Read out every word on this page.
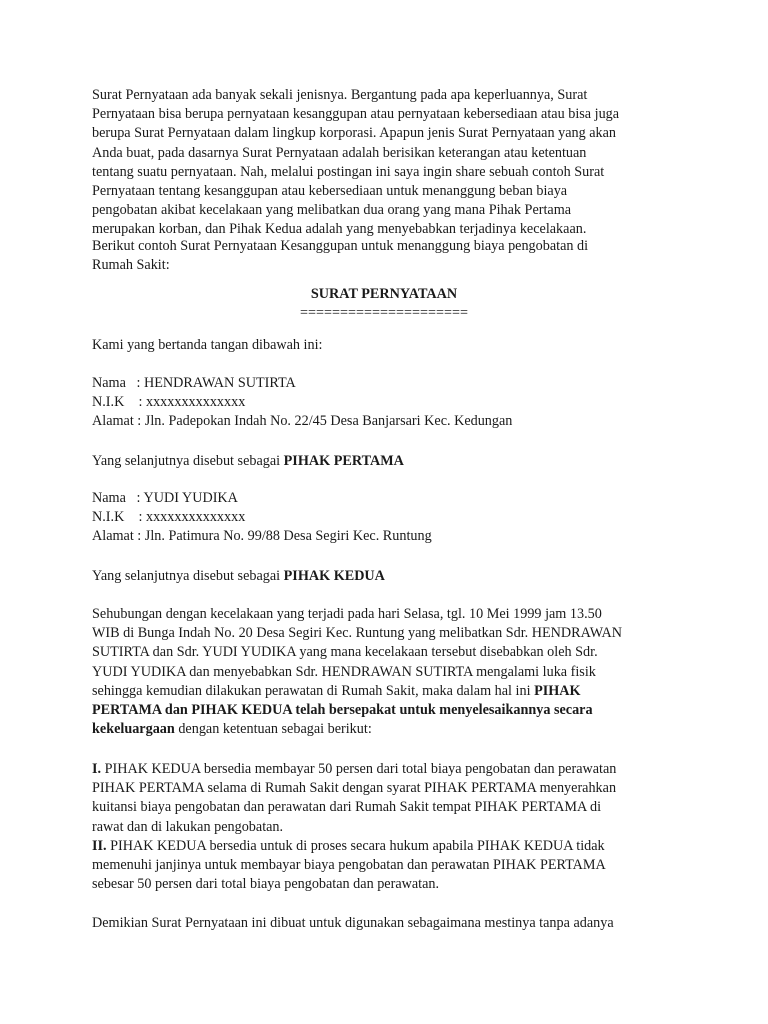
Surat Pernyataan ada banyak sekali jenisnya. Bergantung pada apa keperluannya, Surat
Pernyataan bisa berupa pernyataan kesanggupan atau pernyataan kebersediaan atau bisa juga
berupa Surat Pernyataan dalam lingkup korporasi. Apapun jenis Surat Pernyataan yang akan
Anda buat, pada dasarnya Surat Pernyataan adalah berisikan keterangan atau ketentuan
tentang suatu pernyataan. Nah, melalui postingan ini saya ingin share sebuah contoh Surat
Pernyataan tentang kesanggupan atau kebersediaan untuk menanggung beban biaya
pengobatan akibat kecelakaan yang melibatkan dua orang yang mana Pihak Pertama
merupakan korban, dan Pihak Kedua adalah yang menyebabkan terjadinya kecelakaan.
Berikut contoh Surat Pernyataan Kesanggupan untuk menanggung biaya pengobatan di
Rumah Sakit:
SURAT PERNYATAAN
=====================
Kami yang bertanda tangan dibawah ini:
Nama   : HENDRAWAN SUTIRTA
N.I.K    : xxxxxxxxxxxxxx
Alamat : Jln. Padepokan Indah No. 22/45 Desa Banjarsari Kec. Kedungan
Yang selanjutnya disebut sebagai PIHAK PERTAMA
Nama   : YUDI YUDIKA
N.I.K    : xxxxxxxxxxxxxx
Alamat : Jln. Patimura No. 99/88 Desa Segiri Kec. Runtung
Yang selanjutnya disebut sebagai PIHAK KEDUA
Sehubungan dengan kecelakaan yang terjadi pada hari Selasa, tgl. 10 Mei 1999 jam 13.50
WIB di Bunga Indah No. 20 Desa Segiri Kec. Runtung yang melibatkan Sdr. HENDRAWAN
SUTIRTA dan Sdr. YUDI YUDIKA yang mana kecelakaan tersebut disebabkan oleh Sdr.
YUDI YUDIKA dan menyebabkan Sdr. HENDRAWAN SUTIRTA mengalami luka fisik
sehingga kemudian dilakukan perawatan di Rumah Sakit, maka dalam hal ini PIHAK
PERTAMA dan PIHAK KEDUA telah bersepakat untuk menyelesaikannya secara
kekeluargaan dengan ketentuan sebagai berikut:
I. PIHAK KEDUA bersedia membayar 50 persen dari total biaya pengobatan dan perawatan
PIHAK PERTAMA selama di Rumah Sakit dengan syarat PIHAK PERTAMA menyerahkan
kuitansi biaya pengobatan dan perawatan dari Rumah Sakit tempat PIHAK PERTAMA di
rawat dan di lakukan pengobatan.
II. PIHAK KEDUA bersedia untuk di proses secara hukum apabila PIHAK KEDUA tidak
memenuhi janjinya untuk membayar biaya pengobatan dan perawatan PIHAK PERTAMA
sebesar 50 persen dari total biaya pengobatan dan perawatan.
Demikian Surat Pernyataan ini dibuat untuk digunakan sebagaimana mestinya tanpa adanya
